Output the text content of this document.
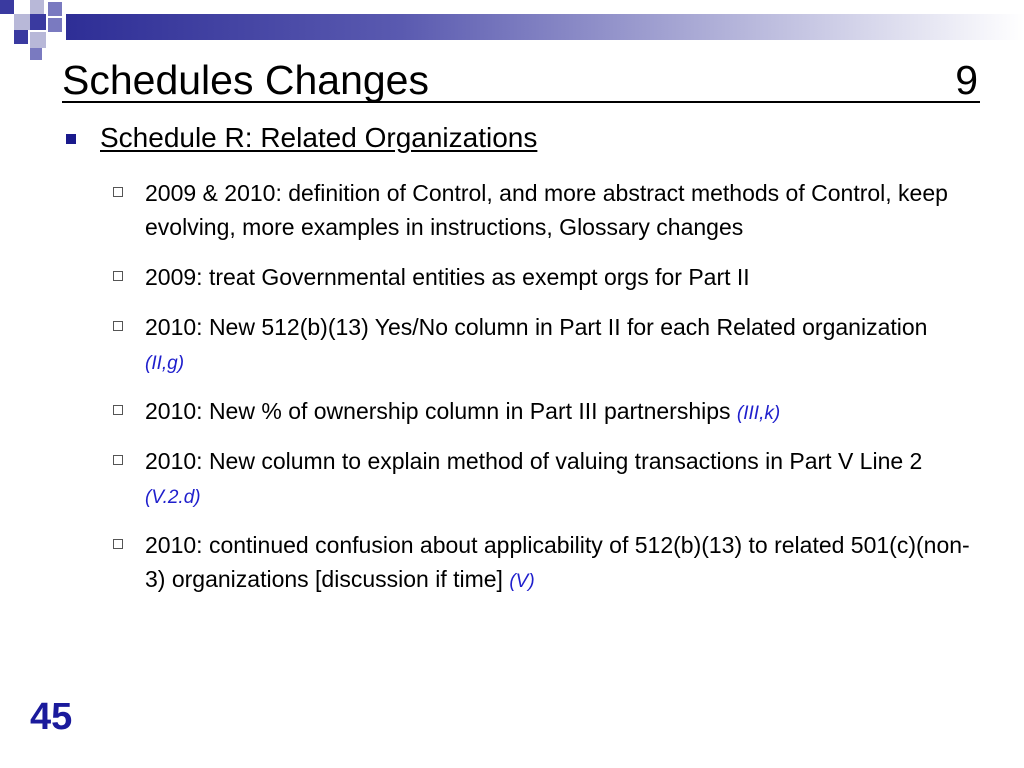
Schedules Changes

	9

Schedule R: Related Organizations
2009 & 2010: definition of Control, and more abstract methods of Control, keep evolving, more examples in instructions, Glossary changes
2009: treat Governmental entities as exempt orgs for Part II
2010: New 512(b)(13) Yes/No column in Part II for each Related organization (II,g)
2010: New % of ownership column in Part III partnerships (III,k)
2010: New column to explain method of valuing transactions in Part V Line 2 (V.2.d)
2010: continued confusion about applicability of 512(b)(13) to related 501(c)(non-3) organizations [discussion if time] (V)
45
